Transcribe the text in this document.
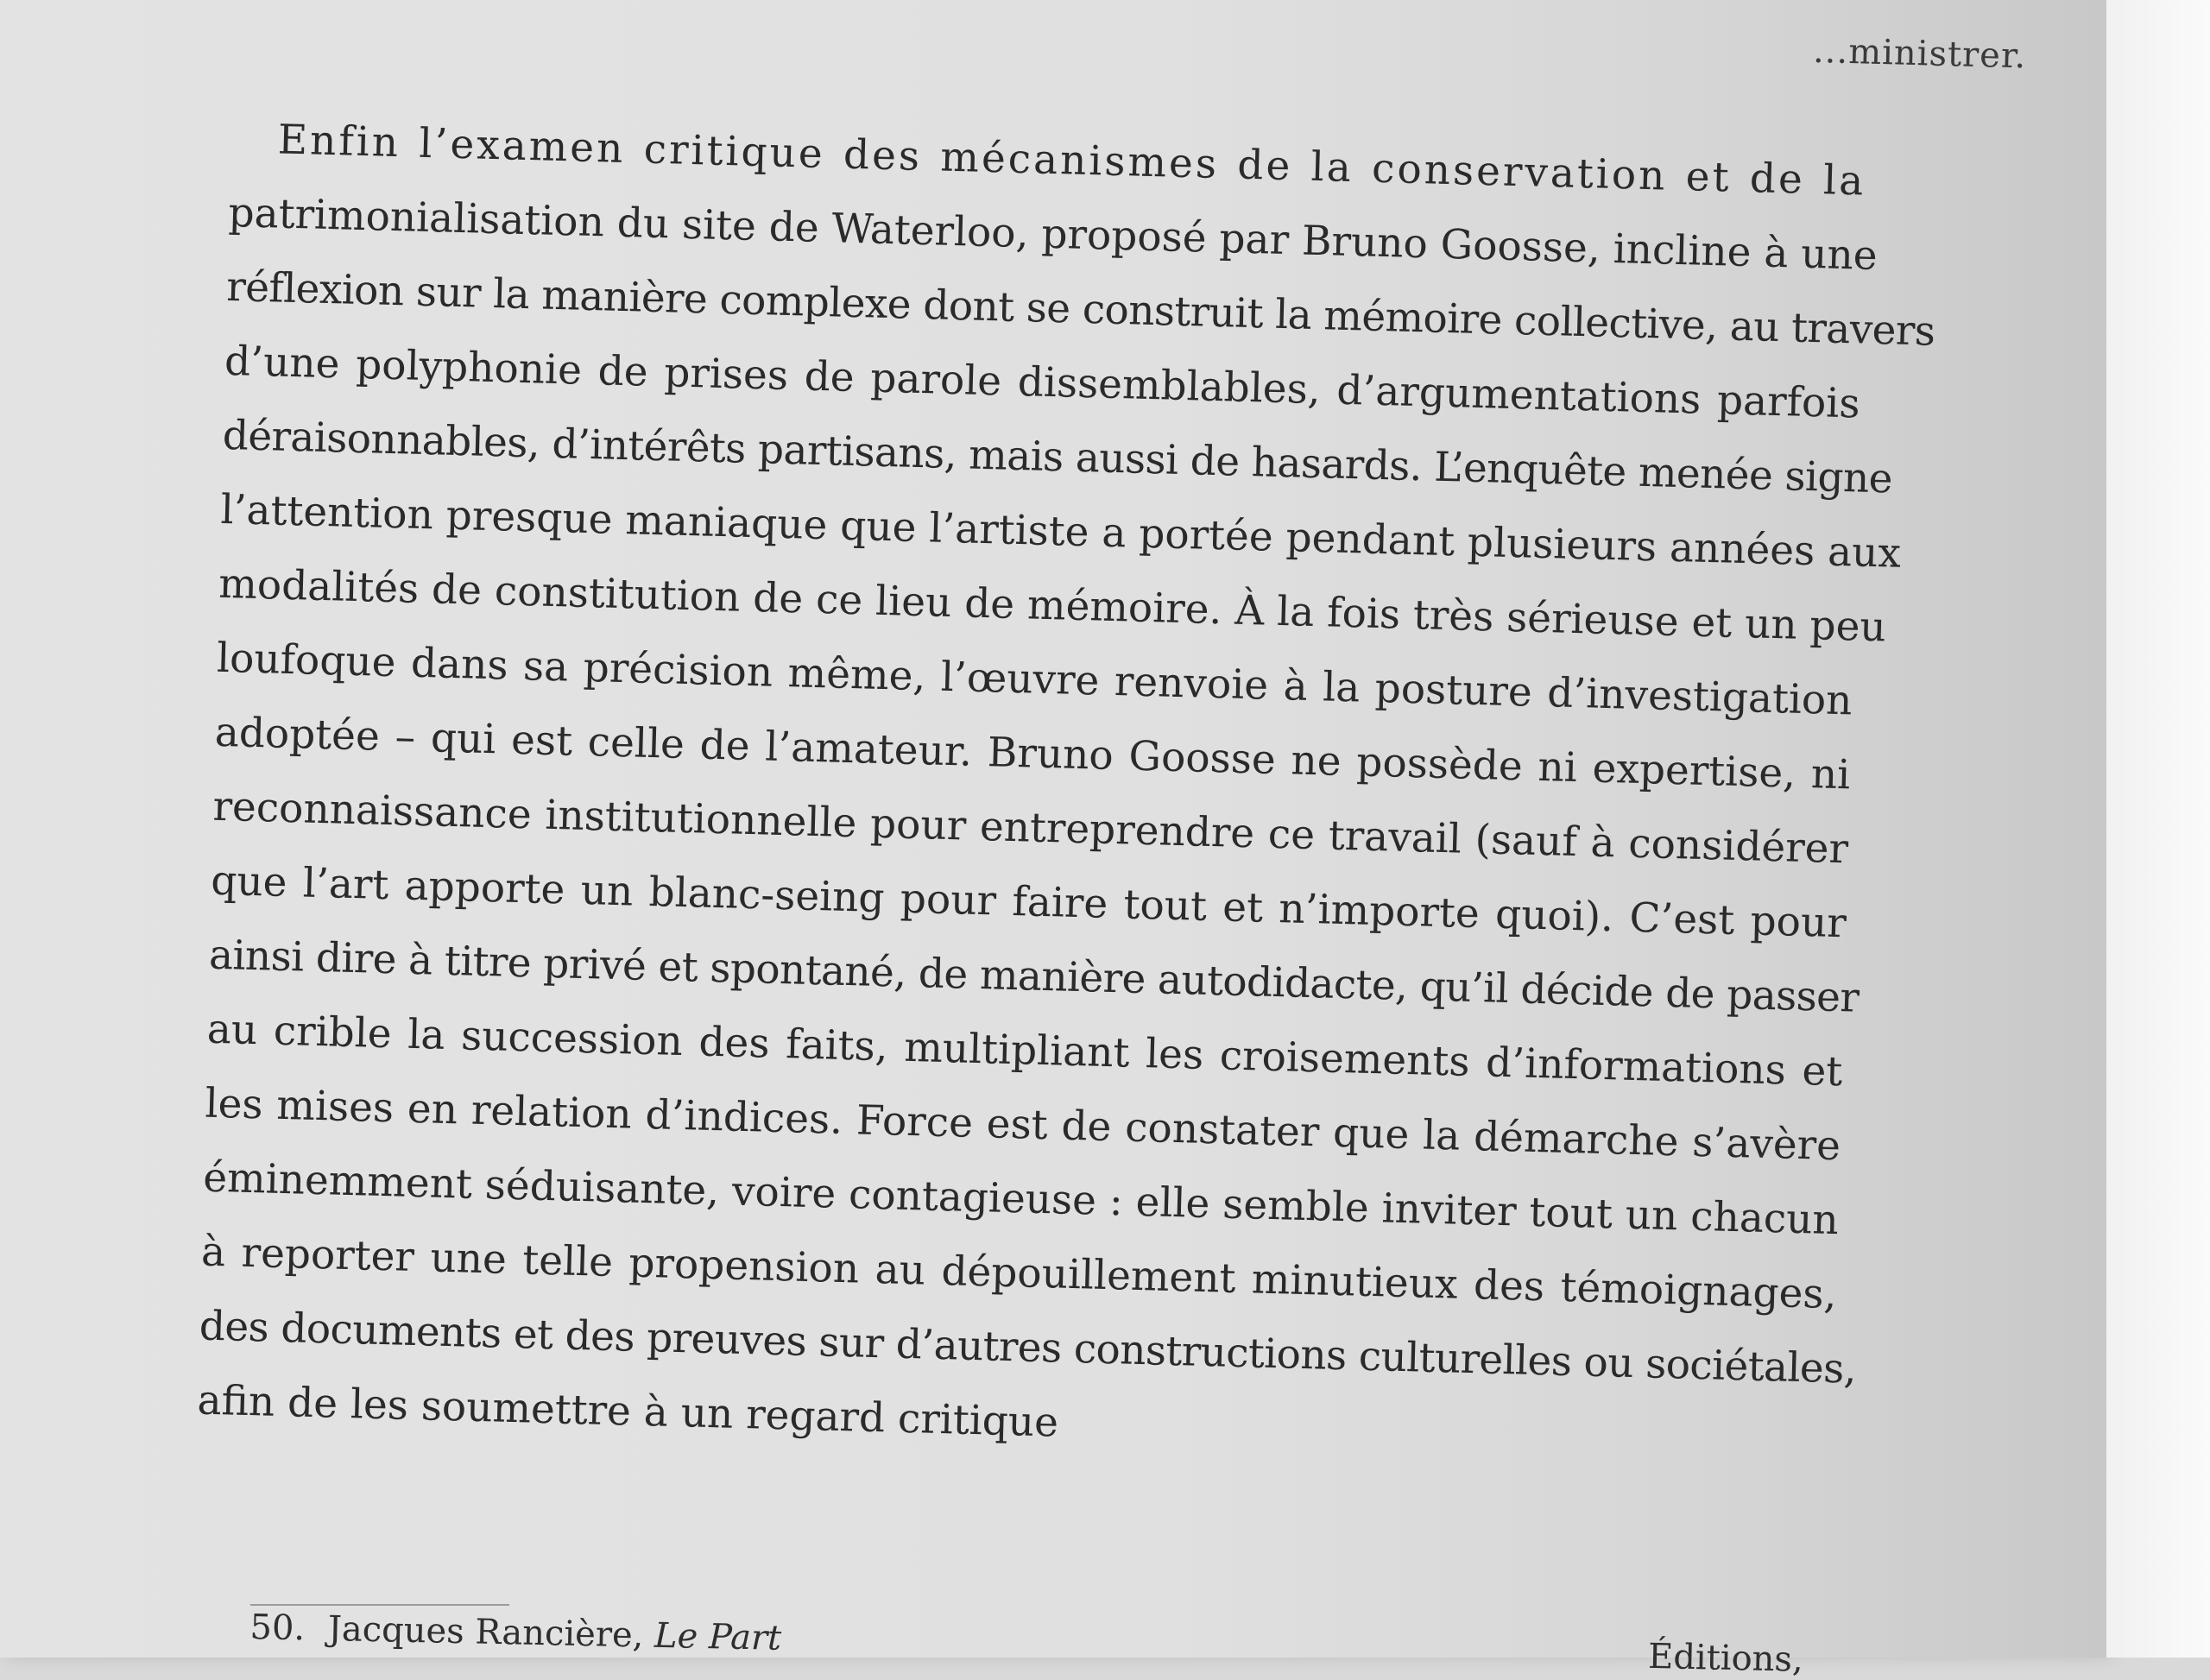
...ministrer.
Enfin l’examen critique des mécanismes de la conservation et de la
patrimonialisation du site de Waterloo, proposé par Bruno Goosse, incline à une
réflexion sur la manière complexe dont se construit la mémoire collective, au travers
d’une polyphonie de prises de parole dissemblables, d’argumentations parfois
déraisonnables, d’intérêts partisans, mais aussi de hasards. L’enquête menée signe
l’attention presque maniaque que l’artiste a portée pendant plusieurs années aux
modalités de constitution de ce lieu de mémoire. À la fois très sérieuse et un peu
loufoque dans sa précision même, l’œuvre renvoie à la posture d’investigation
adoptée – qui est celle de l’amateur. Bruno Goosse ne possède ni expertise, ni
reconnaissance institutionnelle pour entreprendre ce travail (sauf à considérer
que l’art apporte un blanc-seing pour faire tout et n’importe quoi). C’est pour
ainsi dire à titre privé et spontané, de manière autodidacte, qu’il décide de passer
au crible la succession des faits, multipliant les croisements d’informations et
les mises en relation d’indices. Force est de constater que la démarche s’avère
éminemment séduisante, voire contagieuse : elle semble inviter tout un chacun
à reporter une telle propension au dépouillement minutieux des témoignages,
des documents et des preuves sur d’autres constructions culturelles ou sociétales,
afin de les soumettre à un regard critique
50. Jacques Rancière, Le Part	Éditions,
